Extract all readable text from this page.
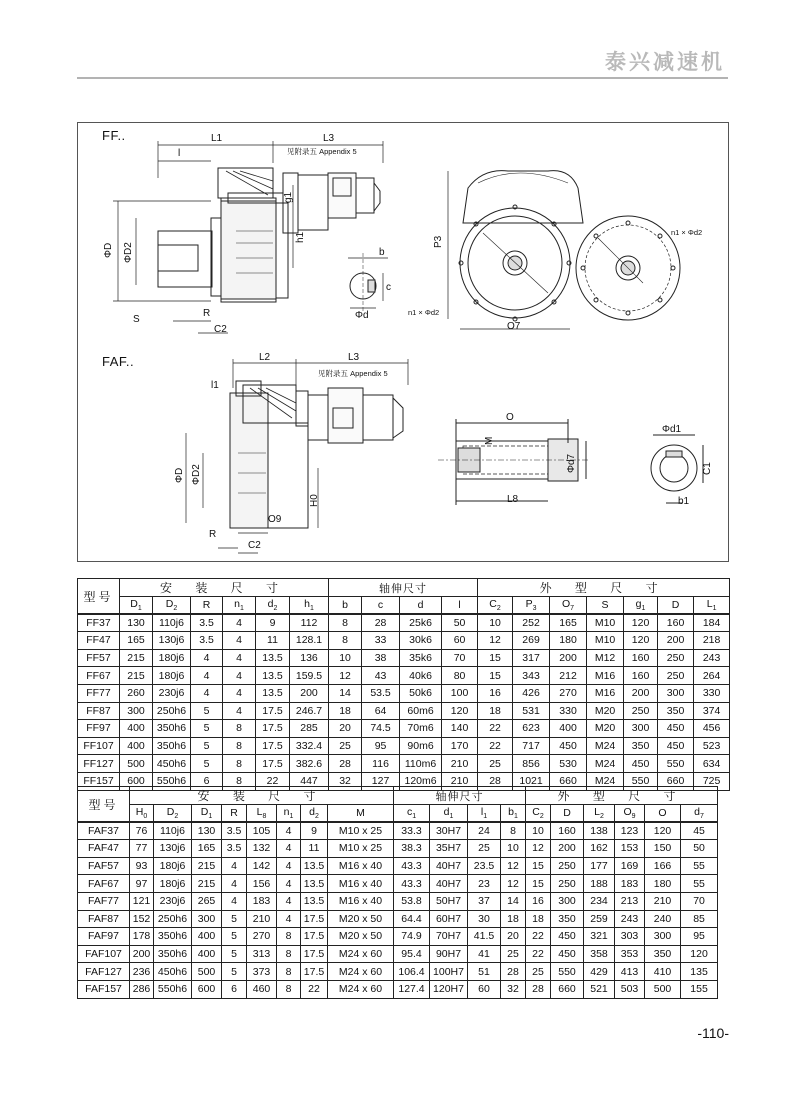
泰兴减速机
FF..
FAF..
L1	L3
l	见附录五 Appendix 5
ΦD ΦD2
g1
h1
S
R
C2
b
c
Φd
P3
O7
n1 × Φd2
n1 × Φd2
L2	L3
l1
见附录五 Appendix 5
ΦD ΦD2
H0
O9
R
C2
O
M
Φd7
L8
Φd1
C1
b1
型号	安 装 尺 寸						轴伸尺寸				外 型 尺 寸						
	$D_1$	$D_2$	R	$n_1$	$d_2$	$h_1$	b	c	d	l	$C_2$	$P_3$	$O_7$	S	$g_1$	D	$L_1$
FF37	130	110j6	3.5	4	9	112	8	28	25k6	50	10	252	165	M10	120	160	184
FF47	165	130j6	3.5	4	11	128.1	8	33	30k6	60	12	269	180	M10	120	200	218
FF57	215	180j6	4	4	13.5	136	10	38	35k6	70	15	317	200	M12	160	250	243
FF67	215	180j6	4	4	13.5	159.5	12	43	40k6	80	15	343	212	M16	160	250	264
FF77	260	230j6	4	4	13.5	200	14	53.5	50k6	100	16	426	270	M16	200	300	330
FF87	300	250h6	5	4	17.5	246.7	18	64	60m6	120	18	531	330	M20	250	350	374
FF97	400	350h6	5	8	17.5	285	20	74.5	70m6	140	22	623	400	M20	300	450	456
FF107	400	350h6	5	8	17.5	332.4	25	95	90m6	170	22	717	450	M24	350	450	523
FF127	500	450h6	5	8	17.5	382.6	28	116	110m6	210	25	856	530	M24	450	550	634
FF157	600	550h6	6	8	22	447	32	127	120m6	210	28	1021	660	M24	550	660	725
型号	安 装 尺 寸								轴伸尺寸				外 型 尺 寸					
	$H_0$	$D_2$	$D_1$	R	$L_8$	$n_1$	$d_2$	M	$c_1$	$d_1$	$l_1$	$b_1$	$C_2$	D	$L_2$	$O_9$	O	$d_7$
FAF37	76	110j6	130	3.5	105	4	9	M10 x 25	33.3	30H7	24	8	10	160	138	123	120	45
FAF47	77	130j6	165	3.5	132	4	11	M10 x 25	38.3	35H7	25	10	12	200	162	153	150	50
FAF57	93	180j6	215	4	142	4	13.5	M16 x 40	43.3	40H7	23.5	12	15	250	177	169	166	55
FAF67	97	180j6	215	4	156	4	13.5	M16 x 40	43.3	40H7	23	12	15	250	188	183	180	55
FAF77	121	230j6	265	4	183	4	13.5	M16 x 40	53.8	50H7	37	14	16	300	234	213	210	70
FAF87	152	250h6	300	5	210	4	17.5	M20 x 50	64.4	60H7	30	18	18	350	259	243	240	85
FAF97	178	350h6	400	5	270	8	17.5	M20 x 50	74.9	70H7	41.5	20	22	450	321	303	300	95
FAF107	200	350h6	400	5	313	8	17.5	M24 x 60	95.4	90H7	41	25	22	450	358	353	350	120
FAF127	236	450h6	500	5	373	8	17.5	M24 x 60	106.4	100H7	51	28	25	550	429	413	410	135
FAF157	286	550h6	600	6	460	8	22	M24 x 60	127.4	120H7	60	32	28	660	521	503	500	155
-110-
